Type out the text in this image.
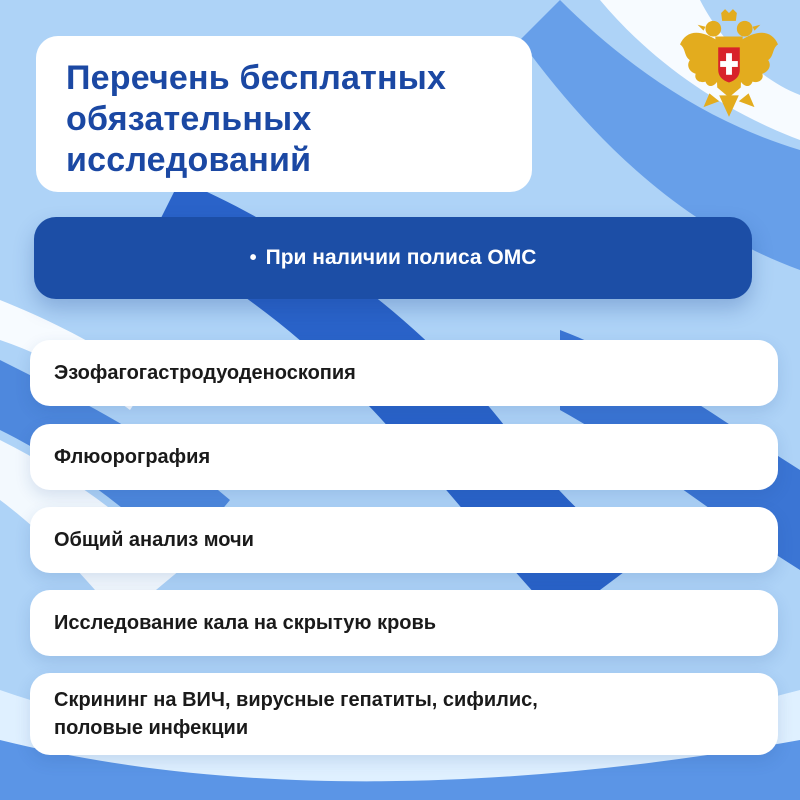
Перечень бесплатных
обязательных
исследований
• При наличии полиса ОМС
Эзофагогастродуоденоскопия
Флюорография
Общий анализ мочи
Исследование кала на скрытую кровь
Скрининг на ВИЧ, вирусные гепатиты, сифилис,
половые инфекции
